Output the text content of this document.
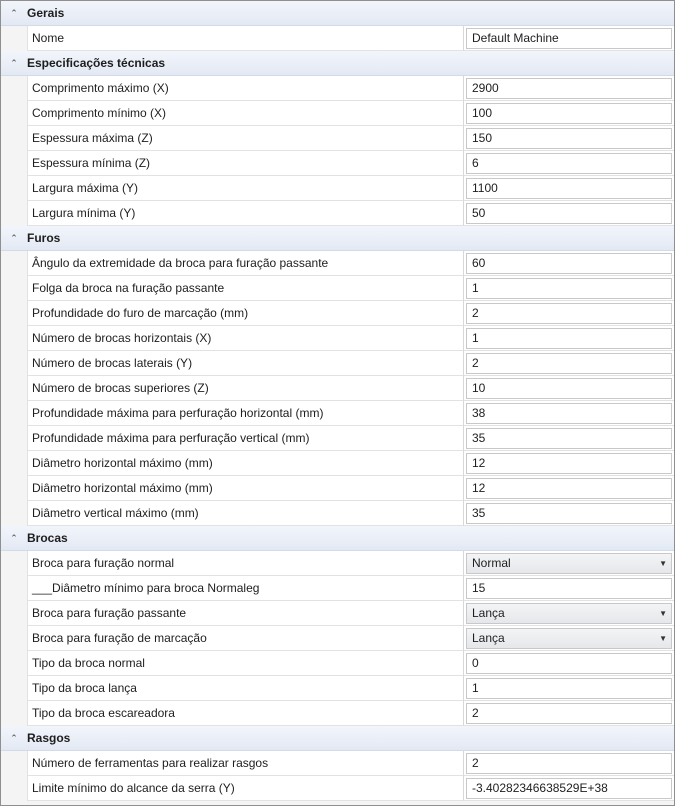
⌃ Gerais
Nome	Default Machine
⌃ Especificações técnicas
Comprimento máximo (X)	2900
Comprimento mínimo (X)	100
Espessura máxima (Z)	150
Espessura mínima (Z)	6
Largura máxima (Y)	1100
Largura mínima (Y)	50
⌃ Furos
Ângulo da extremidade da broca para furação passante	60
Folga da broca na furação passante	1
Profundidade do furo de marcação (mm)	2
Número de brocas horizontais (X)	1
Número de brocas laterais (Y)	2
Número de brocas superiores (Z)	10
Profundidade máxima para perfuração horizontal (mm)	38
Profundidade máxima para perfuração vertical (mm)	35
Diâmetro horizontal máximo (mm)	12
Diâmetro horizontal máximo (mm)	12
Diâmetro vertical máximo (mm)	35
⌃ Brocas
Broca para furação normal	Normal	▼
___Diâmetro mínimo para broca Normaleg	15
Broca para furação passante	Lança	▼
Broca para furação de marcação	Lança	▼
Tipo da broca normal	0
Tipo da broca lança	1
Tipo da broca escareadora	2
⌃ Rasgos
Número de ferramentas para realizar rasgos	2
Limite mínimo do alcance da serra (Y)	-3.40282346638529E+38
